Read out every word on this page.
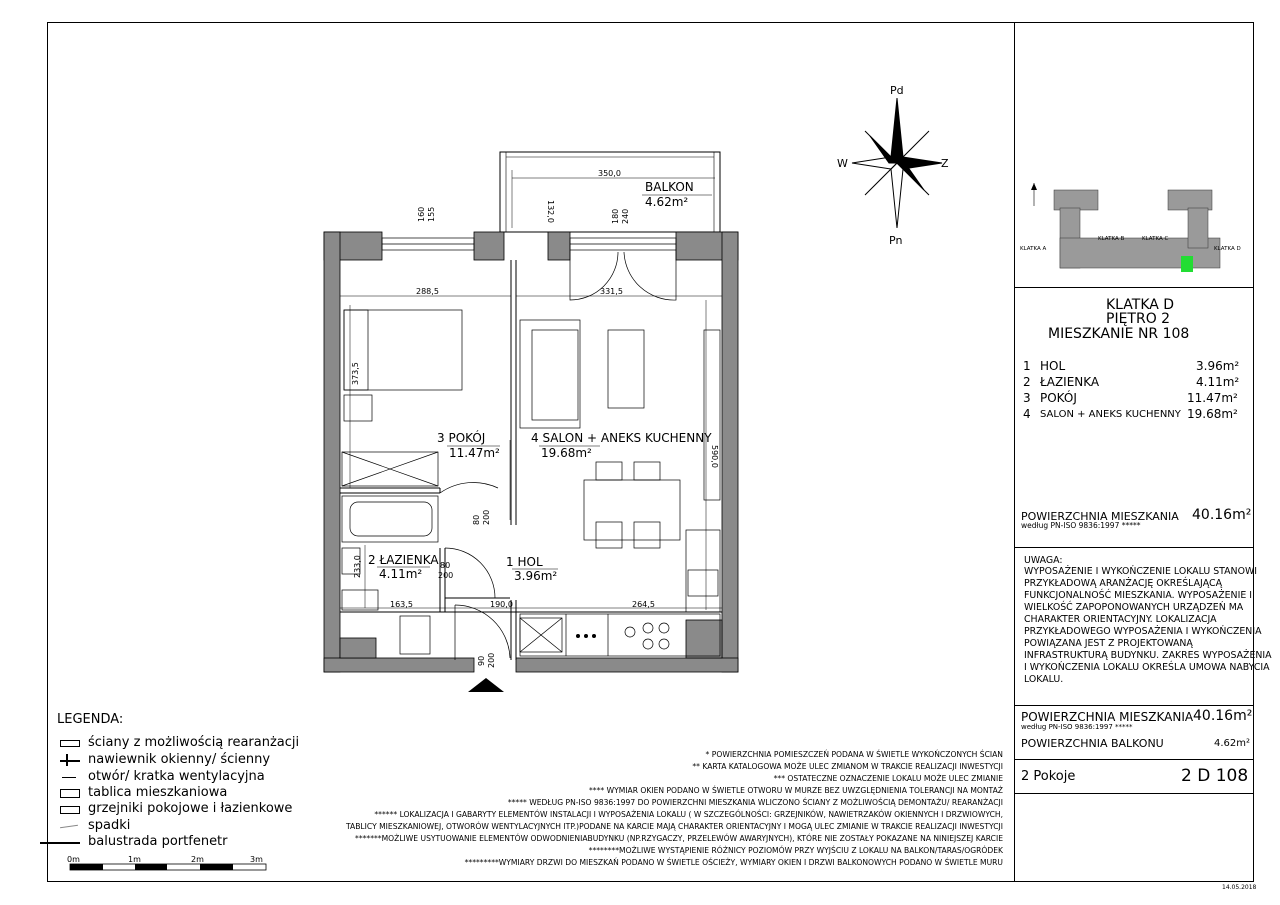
Pd
Pn
W	Z
350,0
132,0
160 155	180 240
288,5	331,5
373,5
590,0
80 200
80
200
233,0
163,5	190,0	264,5
90 200
3 POKÓJ
11.47m²
4 SALON + ANEKS KUCHENNY
19.68m²
2 ŁAZIENKA
4.11m²
1 HOL
3.96m²
BALKON
4.62m²
KLATKA A
KLATKA B	KLATKA C
KLATKA D
KLATKA D
PIĘTRO 2
MIESZKANIE NR 108
1 HOL	3.96m²
2 ŁAZIENKA	4.11m²
3 POKÓJ	11.47m²
4 SALON + ANEKS KUCHENNY 19.68m²
POWIERZCHNIA MIESZKANIA
według PN-ISO 9836:1997 *****
40.16m²
UWAGA:
WYPOSAŻENIE I WYKOŃCZENIE LOKALU STANOWI
PRZYKŁADOWĄ ARANŻACJĘ OKREŚLAJĄCĄ
FUNKCJONALNOŚĆ MIESZKANIA. WYPOSAŻENIE I
WIELKOŚĆ ZAPOPONOWANYCH URZĄDZEŃ MA
CHARAKTER ORIENTACYJNY. LOKALIZACJA
PRZYKŁADOWEGO WYPOSAŻENIA I WYKOŃCZENIA
POWIĄZANA JEST Z PROJEKTOWANĄ
INFRASTRUKTURĄ BUDYNKU. ZAKRES WYPOSAŻENIA
I WYKOŃCZENIA LOKALU OKREŚLA UMOWA NABYCIA
LOKALU.
POWIERZCHNIA MIESZKANIA
według PN-ISO 9836:1997 *****
40.16m²
POWIERZCHNIA BALKONU	4.62m²
2 Pokoje	2 D 108
LEGENDA:
ściany z możliwością rearanżacji
nawiewnik okienny/ ścienny
otwór/ kratka wentylacyjna
tablica mieszkaniowa
grzejniki pokojowe i łazienkowe
spadki
balustrada portfenetr
0m	1m	2m	3m
* POWIERZCHNIA POMIESZCZEŃ PODANA W ŚWIETLE WYKOŃCZONYCH ŚCIAN
** KARTA KATALOGOWA MOŻE ULEC ZMIANOM W TRAKCIE REALIZACJI INWESTYCJI
*** OSTATECZNE OZNACZENIE LOKALU MOŻE ULEC ZMIANIE
**** WYMIAR OKIEN PODANO W ŚWIETLE OTWORU W MURZE BEZ UWZGLĘDNIENIA TOLERANCJI NA MONTAŻ
***** WEDŁUG PN-ISO 9836:1997 DO POWIERZCHNI MIESZKANIA WLICZONO ŚCIANY Z MOŻLIWOŚCIĄ DEMONTAŻU/ REARANŻACJI
****** LOKALIZACJA I GABARYTY ELEMENTÓW INSTALACJI I WYPOSAŻENIA LOKALU ( W SZCZEGÓLNOŚCI: GRZEJNIKÓW, NAWIETRZAKÓW OKIENNYCH I DRZWIOWYCH,
TABLICY MIESZKANIOWEJ, OTWORÓW WENTYLACYJNYCH ITP.)PODANE NA KARCIE MAJĄ CHARAKTER ORIENTACYJNY I MOGĄ ULEC ZMIANIE W TRAKCIE REALIZACJI INWESTYCJI
*******MOŻLIWE USYTUOWANIE ELEMENTÓW ODWODNIENIABUDYNKU (NP.RZYGACZY, PRZELEWÓW AWARYJNYCH), KTÓRE NIE ZOSTAŁY POKAZANE NA NINIEJSZEJ KARCIE
********MOŻLIWE WYSTĄPIENIE RÓŻNICY POZIOMÓW PRZY WYJŚCIU Z LOKALU NA BALKON/TARAS/OGRÓDEK
*********WYMIARY DRZWI DO MIESZKAŃ PODANO W ŚWIETLE OŚCIEŻY, WYMIARY OKIEN I DRZWI BALKONOWYCH PODANO W ŚWIETLE MURU
14.05.2018
